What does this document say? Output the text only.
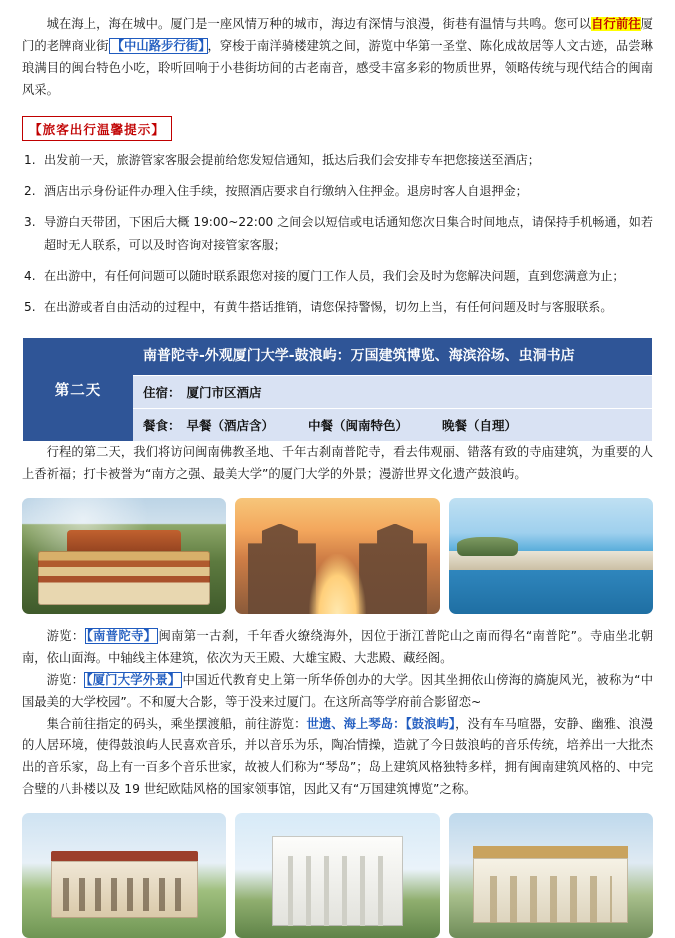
城在海上，海在城中。厦门是一座风情万种的城市，海边有深情与浪漫，街巷有温情与共鸣。您可以自行前往厦门的老牌商业街 【中山路步行街】 ，穿梭于南洋骑楼建筑之间，游览中华第一圣堂、陈化成故居等人文古迹，品尝琳琅满目的闽台特色小吃，聆听回响于小巷街坊间的古老南音，感受丰富多彩的物质世界，领略传统与现代结合的闽南风采。

【旅客出行温馨提示】
出发前一天，旅游管家客服会提前给您发短信通知，抵达后我们会安排专车把您接送至酒店；
酒店出示身份证件办理入住手续，按照酒店要求自行缴纳入住押金。退房时客人自退押金；
导游白天带团，下困后大概 19:00~22:00 之间会以短信或电话通知您次日集合时间地点，请保持手机畅通，如若超时无人联系，可以及时咨询对接管家客服；
在出游中，有任何问题可以随时联系跟您对接的厦门工作人员，我们会及时为您解决问题，直到您满意为止；
在出游或者自由活动的过程中，有黄牛搭话推销，请您保持警惕，切勿上当，有任何问题及时与客服联系。
第二天
南普陀寺-外观厦门大学-鼓浪屿：万国建筑博览、海滨浴场、虫洞书店
住宿： 厦门市区酒店
餐食： 早餐（酒店含）	中餐（闽南特色）	晚餐（自理）

行程的第二天，我们将访问闽南佛教圣地、千年古刹南普陀寺，看去伟观丽、错落有致的寺庙建筑，为重要的人上香祈福；打卡被誉为“南方之强、最美大学”的厦门大学的外景；漫游世界文化遗产鼓浪屿。

游览： 【南普陀寺】 闽南第一古刹，千年香火缭绕海外，因位于浙江普陀山之南而得名“南普陀”。寺庙坐北朝南，依山面海。中轴线主体建筑，依次为天王殿、大雄宝殿、大悲殿、藏经阁。

游览： 【厦门大学外景】 中国近代教育史上第一所华侨创办的大学。因其坐拥依山傍海的旖旎风光，被称为“中国最美的大学校园”。不和厦大合影，等于没来过厦门。在这所高等学府前合影留恋~

集合前往指定的码头，乘坐摆渡船，前往游览：世遗、海上琴岛：【鼓浪屿】，没有车马喧器，安静、幽雅、浪漫的人居环境，使得鼓浪屿人民喜欢音乐，并以音乐为乐，陶冶情操，造就了今日鼓浪屿的音乐传统，培养出一大批杰出的音乐家，岛上有一百多个音乐世家，故被人们称为“琴岛”；岛上建筑风格独特多样，拥有闽南建筑风格的、中完合璧的八卦楼以及 19 世纪欧陆风格的国家领事馆，因此又有“万国建筑博览”之称。
